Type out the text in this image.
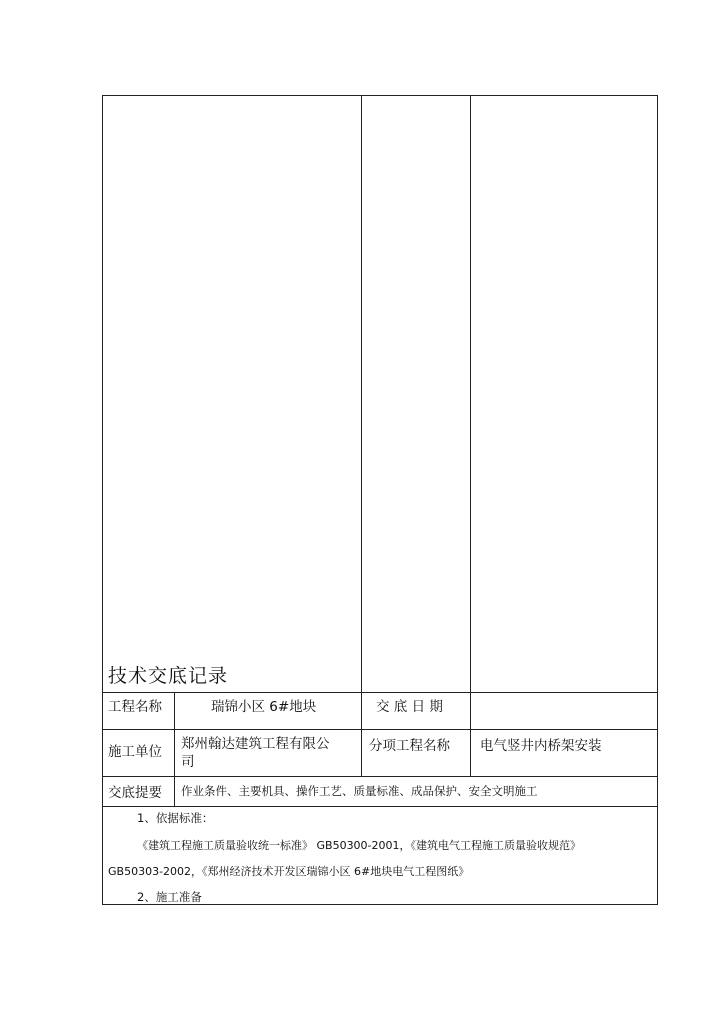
技术交底记录
工程名称	瑞锦小区 6#地块	交 底 日 期
施工单位 郑州翰达建筑工程有限公
司
分项工程名称 电气竖井内桥架安装
交底提要 作业条件、主要机具、操作工艺、质量标准、成品保护、安全文明施工
1、依据标准：
《建筑工程施工质量验收统一标准》 GB50300-2001，《建筑电气工程施工质量验收规范》
GB50303-2002，《郑州经济技术开发区瑞锦小区 6#地块电气工程图纸》
2、施工准备
